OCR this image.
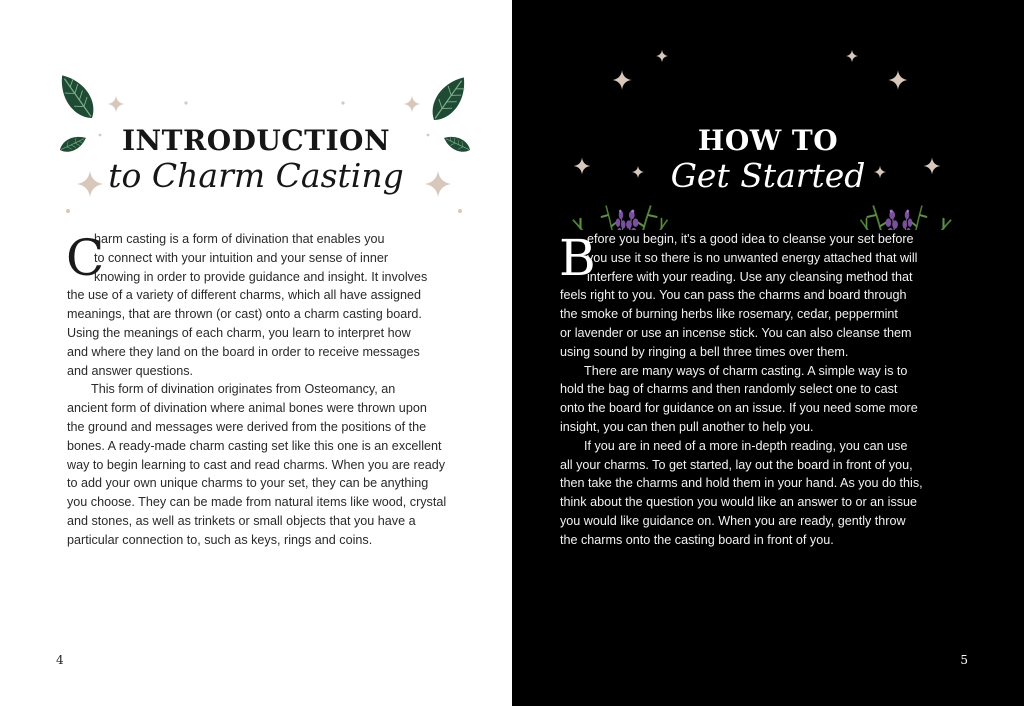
INTRODUCTION
to Charm Casting
C
harm casting is a form of divination that enables you
to connect with your intuition and your sense of inner
knowing in order to provide guidance and insight. It involves
the use of a variety of different charms, which all have assigned
meanings, that are thrown (or cast) onto a charm casting board.
Using the meanings of each charm, you learn to interpret how
and where they land on the board in order to receive messages
and answer questions.
This form of divination originates from Osteomancy, an
ancient form of divination where animal bones were thrown upon
the ground and messages were derived from the positions of the
bones. A ready-made charm casting set like this one is an excellent
way to begin learning to cast and read charms. When you are ready
to add your own unique charms to your set, they can be anything
you choose. They can be made from natural items like wood, crystal
and stones, as well as trinkets or small objects that you have a
particular connection to, such as keys, rings and coins.
4
HOW TO
Get Started
B
efore you begin, it's a good idea to cleanse your set before
you use it so there is no unwanted energy attached that will
interfere with your reading. Use any cleansing method that
feels right to you. You can pass the charms and board through
the smoke of burning herbs like rosemary, cedar, peppermint
or lavender or use an incense stick. You can also cleanse them
using sound by ringing a bell three times over them.
There are many ways of charm casting. A simple way is to
hold the bag of charms and then randomly select one to cast
onto the board for guidance on an issue. If you need some more
insight, you can then pull another to help you.
If you are in need of a more in-depth reading, you can use
all your charms. To get started, lay out the board in front of you,
then take the charms and hold them in your hand. As you do this,
think about the question you would like an answer to or an issue
you would like guidance on. When you are ready, gently throw
the charms onto the casting board in front of you.
5
